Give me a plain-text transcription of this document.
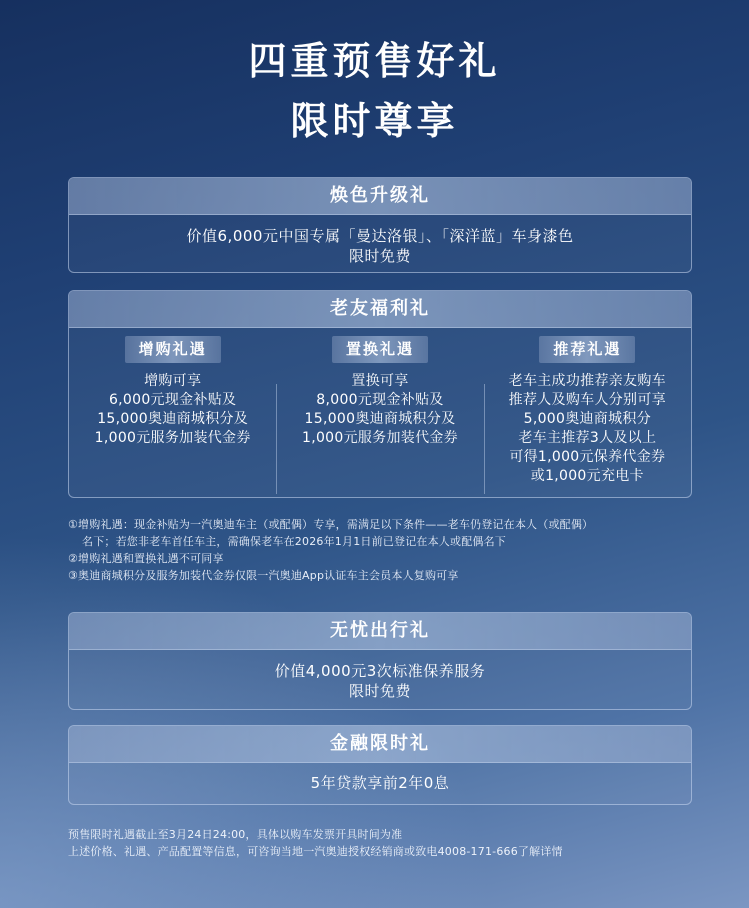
四重预售好礼
限时尊享
焕色升级礼
价值6,000元中国专属「曼达洛银」、「深洋蓝」车身漆色
限时免费
老友福利礼
增购礼遇
增购可享
6,000元现金补贴及
15,000奥迪商城积分及
1,000元服务加装代金券
置换礼遇
置换可享
8,000元现金补贴及
15,000奥迪商城积分及
1,000元服务加装代金券
推荐礼遇
老车主成功推荐亲友购车
推荐人及购车人分别可享
5,000奥迪商城积分
老车主推荐3人及以上
可得1,000元保养代金券
或1,000元充电卡
①增购礼遇：现金补贴为一汽奥迪车主（或配偶）专享，需满足以下条件——老车仍登记在本人（或配偶）
名下；若您非老车首任车主，需确保老车在2026年1月1日前已登记在本人或配偶名下
②增购礼遇和置换礼遇不可同享
③奥迪商城积分及服务加装代金券仅限一汽奥迪App认证车主会员本人复购可享
无忧出行礼
价值4,000元3次标准保养服务
限时免费
金融限时礼
5年贷款享前2年0息
预售限时礼遇截止至3月24日24:00，具体以购车发票开具时间为准
上述价格、礼遇、产品配置等信息，可咨询当地一汽奥迪授权经销商或致电4008-171-666了解详情
